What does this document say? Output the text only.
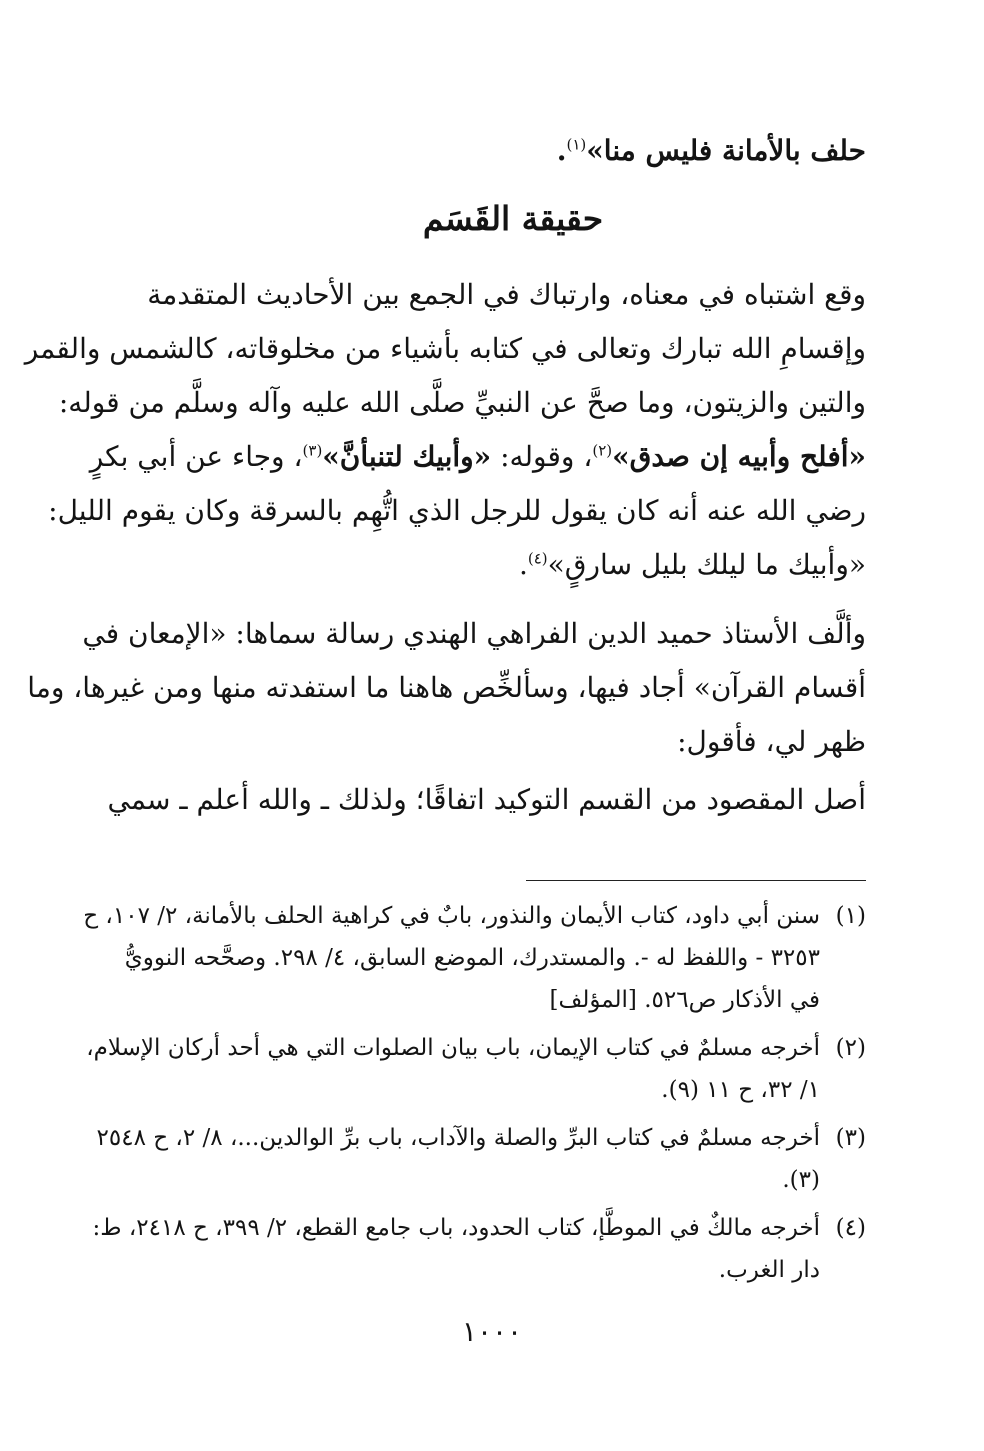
حلف بالأمانة فليس منا»$^{(١)}$.
حقيقة القَسَم
وقع اشتباه في معناه، وارتباك في الجمع بين الأحاديث المتقدمة
وإقسامِ الله تبارك وتعالى في كتابه بأشياء من مخلوقاته، كالشمس والقمر
والتين والزيتون، وما صحَّ عن النبيِّ صلَّى الله عليه وآله وسلَّم من قوله:
«أفلح وأبيه إن صدق»$^{(٢)}$، وقوله: «وأبيك لتنبأنَّ»$^{(٣)}$، وجاء عن أبي بكرٍ
رضي الله عنه أنه كان يقول للرجل الذي اتُّهِم بالسرقة وكان يقوم الليل:
«وأبيك ما ليلك بليل سارقٍ»$^{(٤)}$.
وألَّف الأستاذ حميد الدين الفراهي الهندي رسالة سماها: «الإمعان في
أقسام القرآن» أجاد فيها، وسألخِّص هاهنا ما استفدته منها ومن غيرها، وما
ظهر لي، فأقول:
أصل المقصود من القسم التوكيد اتفاقًا؛ ولذلك ـ والله أعلم ـ سمي
(١)
سنن أبي داود، كتاب الأيمان والنذور، بابٌ في كراهية الحلف بالأمانة، ٢/ ١٠٧، ح
٣٢٥٣ - واللفظ له -. والمستدرك، الموضع السابق، ٤/ ٢٩٨. وصحَّحه النوويُّ
في الأذكار ص٥٢٦. [المؤلف]
(٢)
أخرجه مسلمٌ في كتاب الإيمان، باب بيان الصلوات التي هي أحد أركان الإسلام،
١/ ٣٢، ح ١١ (٩).
(٣)
أخرجه مسلمٌ في كتاب البرِّ والصلة والآداب، باب برِّ الوالدين...، ٨/ ٢، ح ٢٥٤٨
(٣).
(٤)
أخرجه مالكٌ في الموطَّإ، كتاب الحدود، باب جامع القطع، ٢/ ٣٩٩، ح ٢٤١٨، ط:
دار الغرب.
١٠٠٠
